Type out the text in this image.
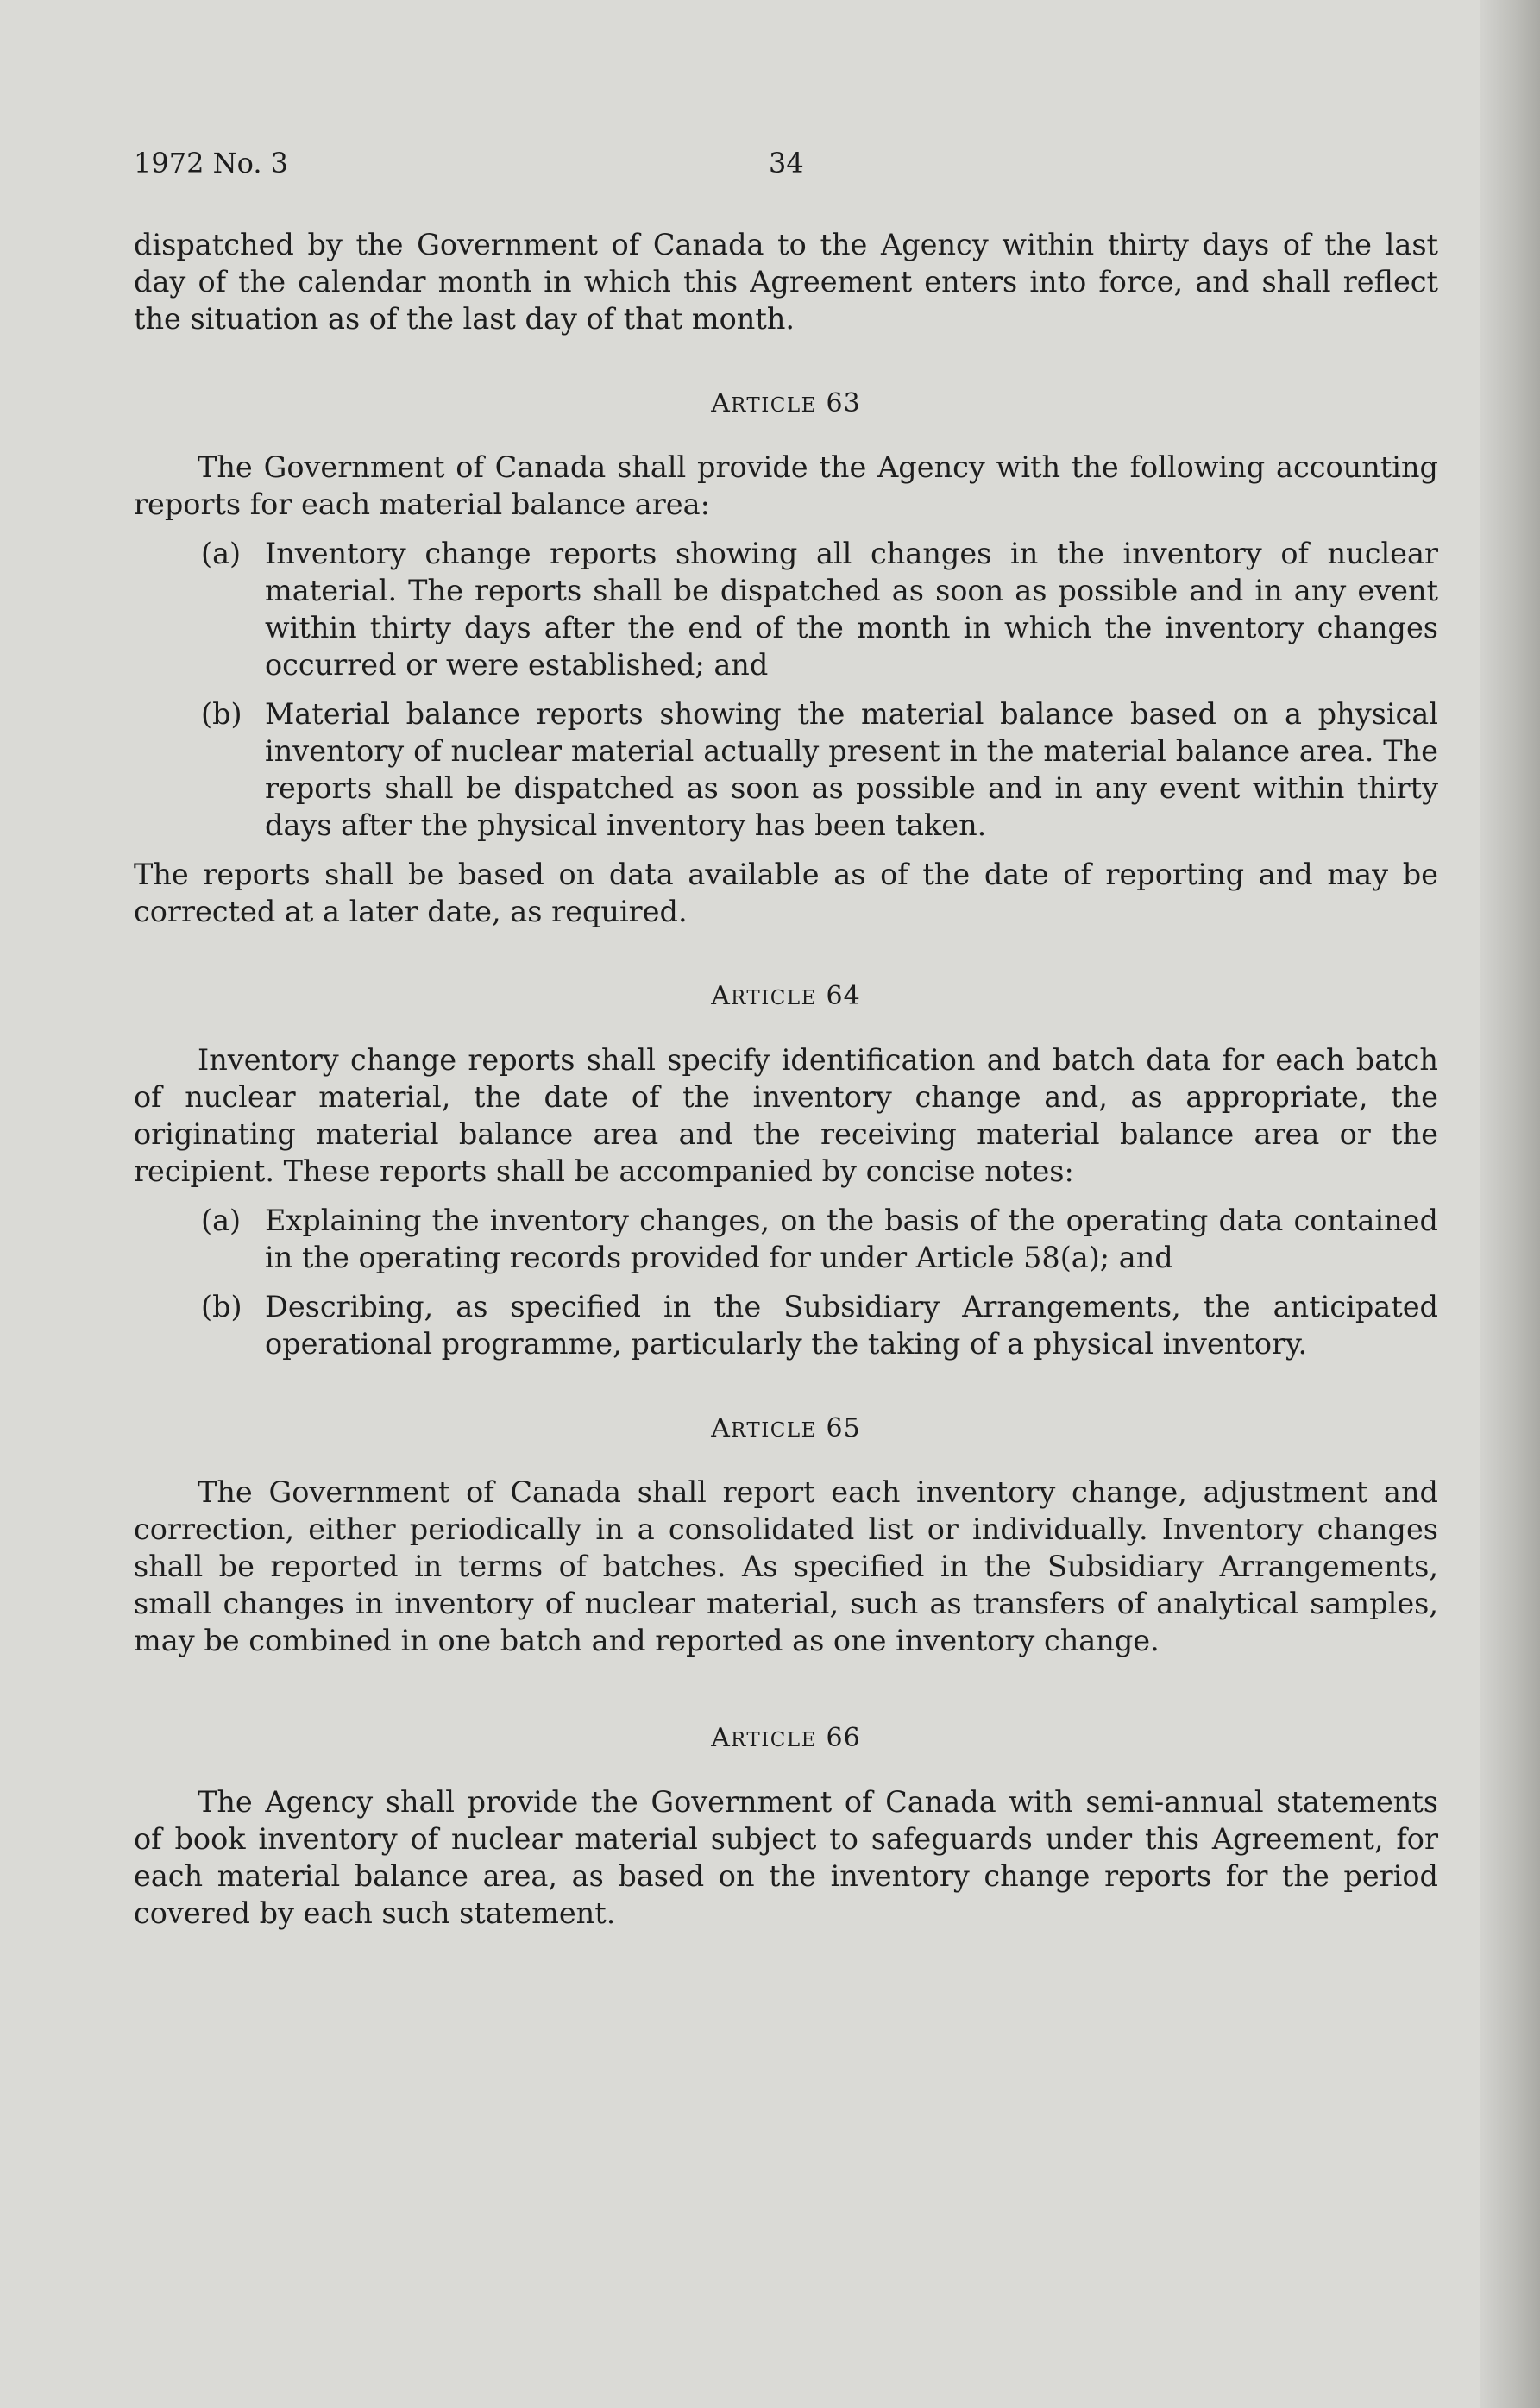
1972 No. 3	34

dispatched by the Government of Canada to the Agency within thirty days of the last day of the calendar month in which this Agreement enters into force, and shall reflect the situation as of the last day of that month.

ARTICLE 63

The Government of Canada shall provide the Agency with the following accounting reports for each material balance area:

(a) Inventory change reports showing all changes in the inventory of nuclear material. The reports shall be dispatched as soon as possible and in any event within thirty days after the end of the month in which the inventory changes occurred or were established; and

(b) Material balance reports showing the material balance based on a physical inventory of nuclear material actually present in the material balance area. The reports shall be dispatched as soon as possible and in any event within thirty days after the physical inventory has been taken.

The reports shall be based on data available as of the date of reporting and may be corrected at a later date, as required.

ARTICLE 64

Inventory change reports shall specify identification and batch data for each batch of nuclear material, the date of the inventory change and, as appropriate, the originating material balance area and the receiving material balance area or the recipient. These reports shall be accompanied by concise notes:

(a) Explaining the inventory changes, on the basis of the operating data contained in the operating records provided for under Article 58(a); and

(b) Describing, as specified in the Subsidiary Arrangements, the anticipated operational programme, particularly the taking of a physical inventory.

ARTICLE 65

The Government of Canada shall report each inventory change, adjustment and correction, either periodically in a consolidated list or individually. Inventory changes shall be reported in terms of batches. As specified in the Subsidiary Arrangements, small changes in inventory of nuclear material, such as transfers of analytical samples, may be combined in one batch and reported as one inventory change.

ARTICLE 66

The Agency shall provide the Government of Canada with semi-annual statements of book inventory of nuclear material subject to safeguards under this Agreement, for each material balance area, as based on the inventory change reports for the period covered by each such statement.
